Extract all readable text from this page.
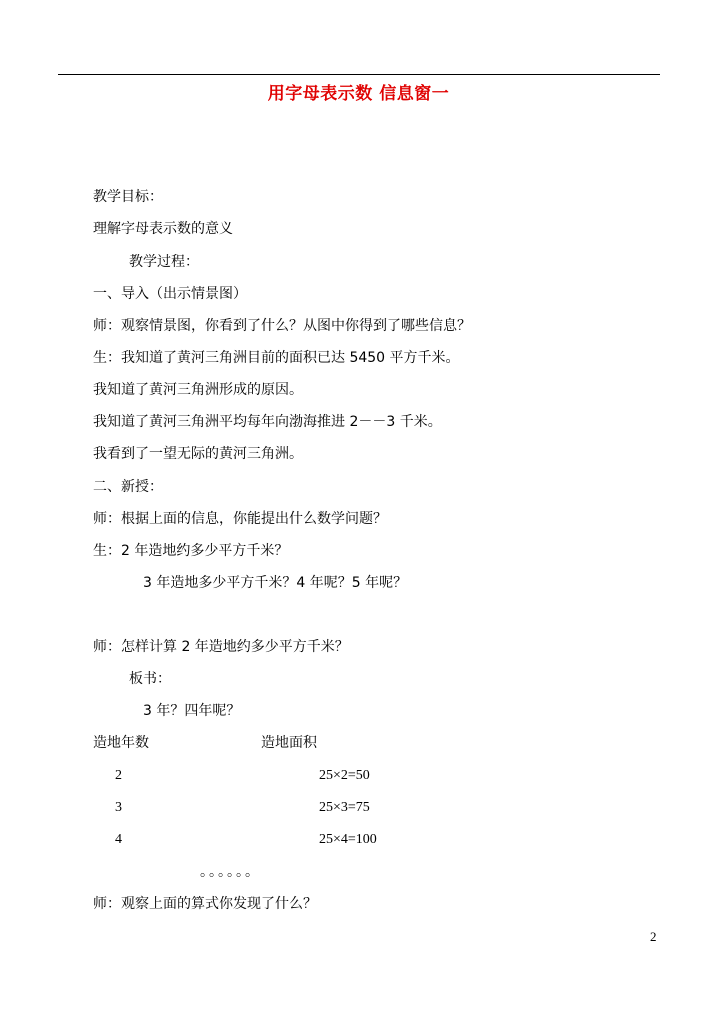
用字母表示数 信息窗一
教学目标：
理解字母表示数的意义
教学过程：
一、导入（出示情景图）
师：观察情景图，你看到了什么？从图中你得到了哪些信息？
生：我知道了黄河三角洲目前的面积已达 5450 平方千米。
我知道了黄河三角洲形成的原因。
我知道了黄河三角洲平均每年向渤海推进 2－－3 千米。
我看到了一望无际的黄河三角洲。
二、新授：
师：根据上面的信息，你能提出什么数学问题？
生：2 年造地约多少平方千米？
3 年造地多少平方千米？4 年呢？5 年呢？
师：怎样计算 2 年造地约多少平方千米？
板书：
3 年？四年呢？
造地年数	造地面积
2	25×2=50
3	25×3=75
4	25×4=100
。。。。。。
师：观察上面的算式你发现了什么？
2
